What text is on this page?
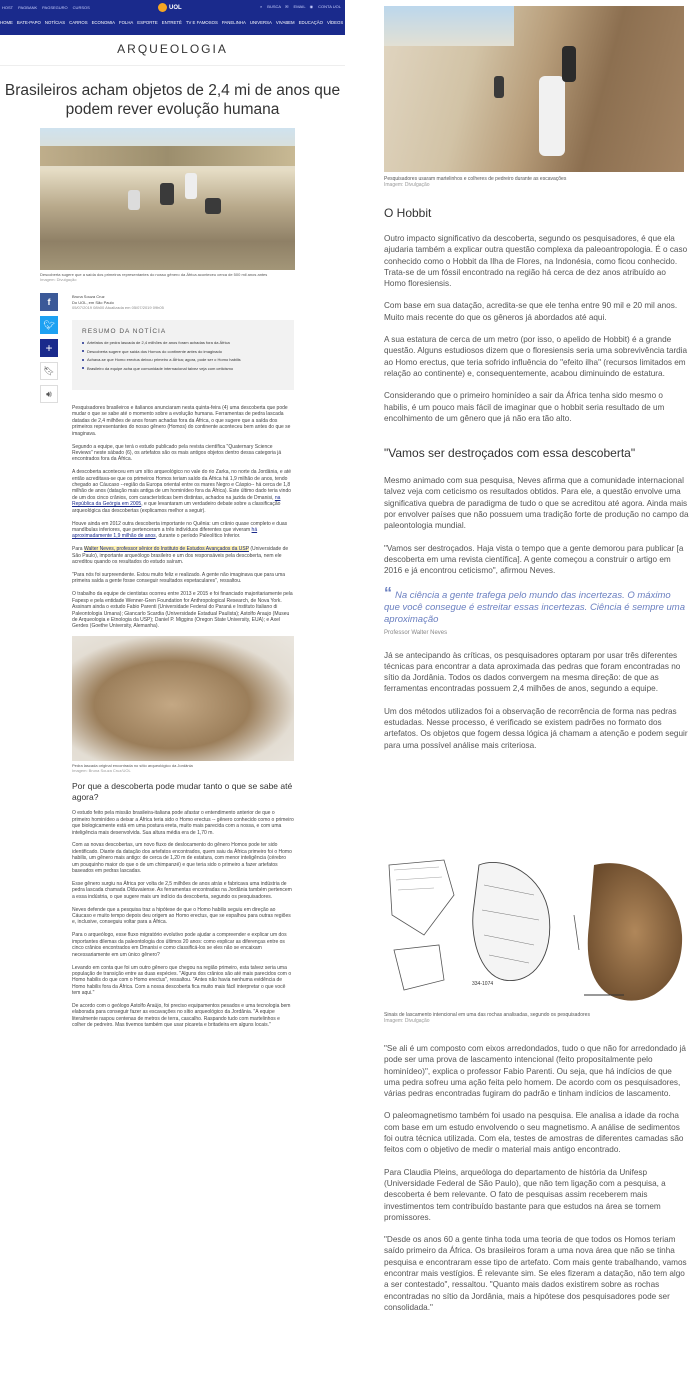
HOST PAGBANK PAGSEGURO CURSOS	UOL	⌕ BUSCA ✉ EMAIL ◉ CONTA UOL
HOME BATE-PAPO NOTÍCIAS CARROS ECONOMIA FOLHA ESPORTE ENTRETÊ TV E FAMOSOS PANELINHA UNIVERSA VIVABEM EDUCAÇÃO VÍDEOS + CANAIS
ARQUEOLOGIA
Brasileiros acham objetos de 2,4 mi de anos que podem rever evolução humana
Descoberta sugere que a saída dos primeiros representantes do nosso gênero da África aconteceu cerca de 500 mil anos antes
Imagem: Divulgação
f
🐦︎
+
🔖︎
🔊︎
Bruna Souza Cruz
Do UOL, em São Paulo
05/07/2019 08h00 Atualizada em 05/07/2019 09h05
RESUMO DA NOTÍCIA
Artefatos de pedra lascada de 2,4 milhões de anos foram achadas fora da África
Descoberta sugere que saída dos Homos do continente antes do imaginado
Achava-se que Homo erectus deixou primeiro a África; agora, pode ser o Homo habilis
Brasileiro da equipe acha que comunidade internacional talvez veja com ceticismo

Pesquisadores brasileiros e italianos anunciaram nesta quinta-feira (4) uma descoberta que pode mudar o que se sabe até o momento sobre a evolução humana. Ferramentas de pedra lascada datadas de 2,4 milhões de anos foram achadas fora da África, o que sugere que a saída dos primeiros representantes do nosso gênero (Homos) do continente aconteceu bem antes do que se imaginava.

Segundo a equipe, que terá o estudo publicado pela revista científica "Quaternary Science Reviews" neste sábado (6), os artefatos são os mais antigos objetos dentro dessa categoria já encontrados fora da África.

A descoberta aconteceu em um sítio arqueológico no vale do rio Zarka, no norte da Jordânia, e até então acreditava-se que os primeiros Homos teriam saído da África há 1,9 milhão de anos, tendo chegado ao Cáucaso --região da Europa oriental entre os mares Negro e Cáspio-- há cerca de 1,8 milhão de anos (datação mais antiga de um hominídeo fora da África). Este último dado teria vindo de um dos cinco crânios, com características bem distintas, achados na jazida de Dmanisi, na República da Geórgia em 2005, e que levantaram um verdadeiro debate sobre a classificação arqueológica das descobertas (explicamos melhor a seguir).

Houve ainda em 2012 outra descoberta importante no Quênia: um crânio quase completo e duas mandíbulas inferiores, que pertenceram a três indivíduos diferentes que viveram há aproximadamente 1,9 milhão de anos, durante o período Paleolítico Inferior.

Para Walter Neves, professor sênior do Instituto de Estudos Avançados da USP (Universidade de São Paulo), importante arqueólogo brasileiro e um dos responsáveis pela descoberta, nem ele acreditou quando os resultados do estudo saíram.

"Para nós foi surpreendente. Estou muito feliz e realizado. A gente não imaginava que para uma primeira saída a gente fosse conseguir resultados espetaculares", ressaltou.

O trabalho da equipe de cientistas ocorreu entre 2013 e 2015 e foi financiado majoritariamente pela Fapesp e pela entidade Wenner-Gren Foundation for Anthropological Research, de Nova York. Assinam ainda o estudo Fabio Parenti (Universidade Federal do Paraná e Instituto Italiano di Paleontologia Umana); Giancarlo Scardia (Universidade Estadual Paulista); Astolfo Araujo (Museu de Arqueologia e Etnologia da USP); Daniel P. Miggins (Oregon State University, EUA); e Axel Gerdes (Goethe University, Alemanha).

Pedra lascada original encontrada no sítio arqueológico da Jordânia
Imagem: Bruna Souza Cruz/UOL
Por que a descoberta pode mudar tanto o que se sabe até agora?

O estudo feito pela missão brasileira-italiana pode afastar o entendimento anterior de que o primeiro hominídeo a deixar a África teria sido o Homo erectus -- gênero conhecido como o primeiro que biologicamente está em uma postura ereta, muito mais parecida com a nossa, e com uma inteligência mais desenvolvida. Sua altura média era de 1,70 m.

Com as novas descobertas, um novo fluxo de deslocamento do gênero Homos pode ter sido identificado. Diante da datação dos artefatos encontrados, quem saiu da África primeiro foi o Homo habilis, um gênero mais antigo: de cerca de 1,20 m de estatura, com menor inteligência (cérebro um pouquinho maior do que o de um chimpanzé) e que teria sido o primeiro a fazer artefatos baseados em pedras lascadas.

Esse gênero surgiu na África por volta de 2,5 milhões de anos atrás e fabricava uma indústria de pedra lascada chamada Olduvaiense. As ferramentas encontradas na Jordânia também pertencem a essa indústria, o que sugere mais um indício da descoberta, segundo os pesquisadores.

Neves defende que a pesquisa traz a hipótese de que o Homo habilis seguiu em direção ao Cáucaso e muito tempo depois deu origem ao Homo erectus, que se espalhou para outras regiões e, inclusive, conseguiu voltar para a África.

Para o arqueólogo, esse fluxo migratório evolutivo pode ajudar a compreender e explicar um dos importantes dilemas da paleontologia dos últimos 20 anos: como explicar as diferenças entre os cinco crânios encontrados em Dmanisi e como classificá-los se eles não se encaixam necessariamente em um único gênero?

Levando em conta que foi um outro gênero que chegou na região primeiro, esta talvez seria uma população de transição entre as duas espécies. "Alguns dos crânios são até mais parecidos com o Homo habilis do que com o Homo erectus", ressaltou. "Antes não havia nenhuma evidência de Homo habilis fora da África. Com a nossa descoberta fica muito mais fácil interpretar o que você tem aqui."

De acordo com o geólogo Astolfo Araújo, foi preciso equipamentos pesados e uma tecnologia bem elaborada para conseguir fazer as escavações no sítio arqueológico da Jordânia. "A equipe literalmente raspou centenas de metros de terra, cascalho. Raspando tudo com martelinhos e colher de pedreiro. Mas tivemos também que usar picareta e britadeira em alguns locais."

Pesquisadores usaram martelinhos e colheres de pedreiro durante as escavações
Imagem: Divulgação
O Hobbit

Outro impacto significativo da descoberta, segundo os pesquisadores, é que ela ajudaria também a explicar outra questão complexa da paleoantropologia. É o caso conhecido como o Hobbit da Ilha de Flores, na Indonésia, como ficou conhecido. Trata-se de um fóssil encontrado na região há cerca de dez anos atribuído ao Homo floresiensis.

Com base em sua datação, acredita-se que ele tenha entre 90 mil e 20 mil anos. Muito mais recente do que os gêneros já abordados até aqui.

A sua estatura de cerca de um metro (por isso, o apelido de Hobbit) é a grande questão. Alguns estudiosos dizem que o floresiensis seria uma sobrevivência tardia ao Homo erectus, que teria sofrido influência do "efeito ilha" (recursos limitados em relação ao continente) e, consequentemente, acabou diminuindo de estatura.

Considerando que o primeiro hominídeo a sair da África tenha sido mesmo o habilis, é um pouco mais fácil de imaginar que o hobbit seria resultado de um encolhimento de um gênero que já não era tão alto.

"Vamos ser destroçados com essa descoberta"

Mesmo animado com sua pesquisa, Neves afirma que a comunidade internacional talvez veja com ceticismo os resultados obtidos. Para ele, a questão envolve uma significativa quebra de paradigma de tudo o que se acreditou até agora. Ainda mais por envolver países que não possuem uma tradição forte de produção no campo da paleontologia mundial.

"Vamos ser destroçados. Haja vista o tempo que a gente demorou para publicar [a descoberta em uma revista científica]. A gente começou a construir o artigo em 2016 e já encontrou ceticismo", afirmou Neves.

“ Na ciência a gente trafega pelo mundo das incertezas. O máximo que você consegue é estreitar essas incertezas. Ciência é sempre uma aproximação
Professor Walter Neves

Já se antecipando às críticas, os pesquisadores optaram por usar três diferentes técnicas para encontrar a data aproximada das pedras que foram encontradas no sítio da Jordânia. Todos os dados convergem na mesma direção: de que as ferramentas encontradas possuem 2,4 milhões de anos, segundo a equipe.

Um dos métodos utilizados foi a observação de recorrência de forma nas pedras estudadas. Nesse processo, é verificado se existem padrões no formato dos artefatos. Os objetos que fogem dessa lógica já chamam a atenção e podem seguir para uma possível análise mais criteriosa.

334-1074
Sinais de lascamento intencional em uma das rochas analisadas, segundo os pesquisadores
Imagem: Divulgação

"Se ali é um composto com eixos arredondados, tudo o que não for arredondado já pode ser uma prova de lascamento intencional (feito propositalmente pelo hominídeo)", explica o professor Fabio Parenti. Ou seja, que há indícios de que uma pedra sofreu uma ação feita pelo homem. De acordo com os pesquisadores, várias pedras encontradas fugiram do padrão e tinham indícios de lascamento.

O paleomagnetismo também foi usado na pesquisa. Ele analisa a idade da rocha com base em um estudo envolvendo o seu magnetismo. A análise de sedimentos foi outra técnica utilizada. Com ela, testes de amostras de diferentes camadas são feitos com o objetivo de medir o material mais antigo encontrado.

Para Claudia Pleins, arqueóloga do departamento de história da Unifesp (Universidade Federal de São Paulo), que não tem ligação com a pesquisa, a descoberta é bem relevante. O fato de pesquisas assim receberem mais investimentos tem contribuído bastante para que estudos na área se tornem promissores.

"Desde os anos 60 a gente tinha toda uma teoria de que todos os Homos teriam saído primeiro da África. Os brasileiros foram a uma nova área que não se tinha pesquisa e encontraram esse tipo de artefato. Com mais gente trabalhando, vamos encontrar mais vestígios. É relevante sim. Se eles fizeram a datação, não tem algo a ser contestado", ressaltou. "Quanto mais dados existirem sobre as rochas encontradas no sítio da Jordânia, mais a hipótese dos pesquisadores pode ser consolidada."
